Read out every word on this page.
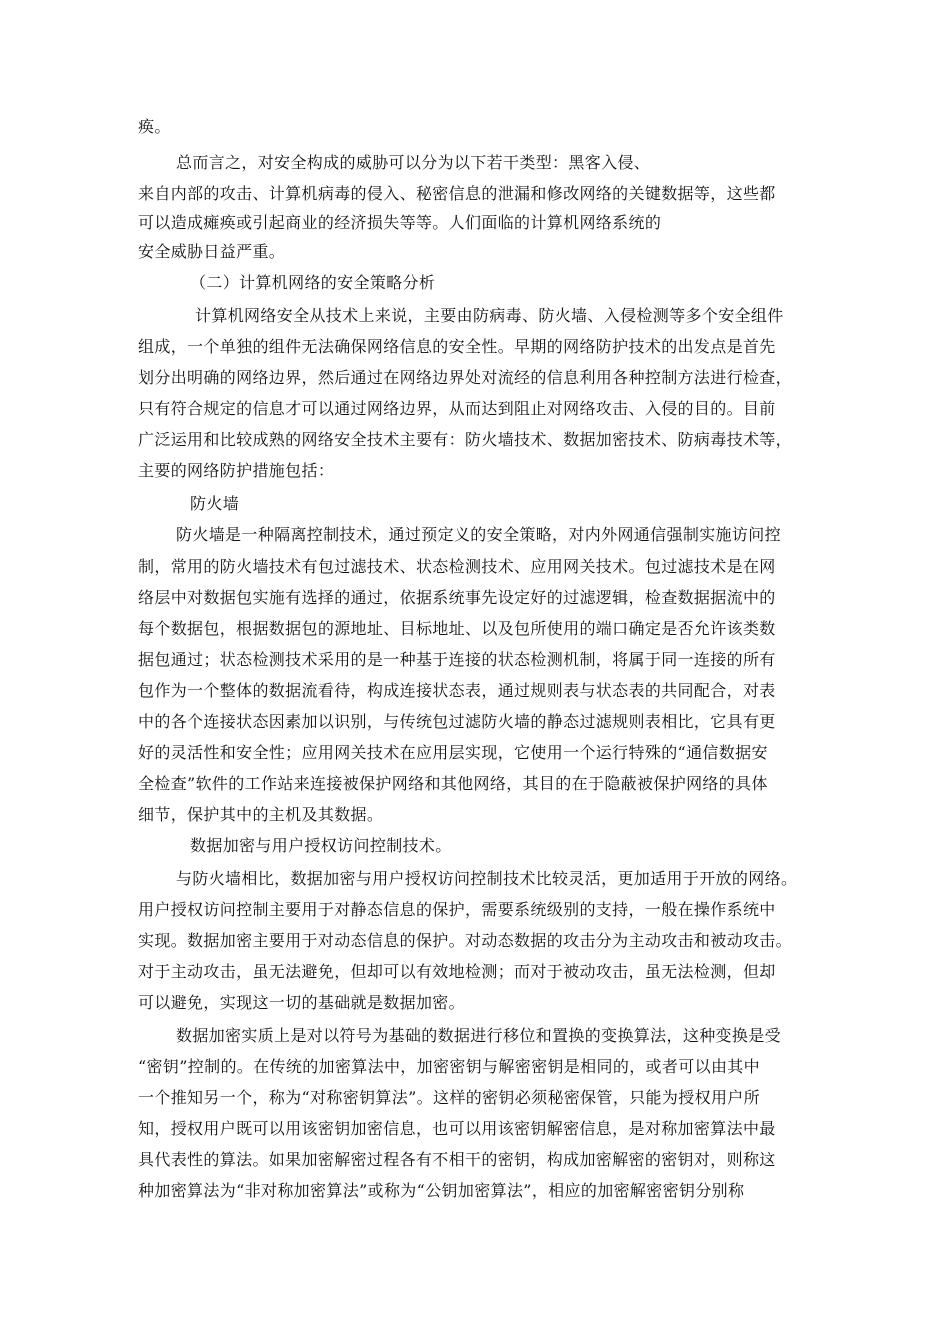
痪。
总而言之，对安全构成的威胁可以分为以下若干类型：黑客入侵、
来自内部的攻击、计算机病毒的侵入、秘密信息的泄漏和修改网络的关键数据等，这些都
可以造成瘫痪或引起商业的经济损失等等。人们面临的计算机网络系统的
安全威胁日益严重。
（二）计算机网络的安全策略分析
计算机网络安全从技术上来说，主要由防病毒、防火墙、入侵检测等多个安全组件
组成，一个单独的组件无法确保网络信息的安全性。早期的网络防护技术的出发点是首先
划分出明确的网络边界，然后通过在网络边界处对流经的信息利用各种控制方法进行检查，
只有符合规定的信息才可以通过网络边界，从而达到阻止对网络攻击、入侵的目的。目前
广泛运用和比较成熟的网络安全技术主要有：防火墙技术、数据加密技术、防病毒技术等，
主要的网络防护措施包括：
防火墙
防火墙是一种隔离控制技术，通过预定义的安全策略，对内外网通信强制实施访问控
制，常用的防火墙技术有包过滤技术、状态检测技术、应用网关技术。包过滤技术是在网
络层中对数据包实施有选择的通过，依据系统事先设定好的过滤逻辑，检查数据据流中的
每个数据包，根据数据包的源地址、目标地址、以及包所使用的端口确定是否允许该类数
据包通过；状态检测技术采用的是一种基于连接的状态检测机制，将属于同一连接的所有
包作为一个整体的数据流看待，构成连接状态表，通过规则表与状态表的共同配合，对表
中的各个连接状态因素加以识别，与传统包过滤防火墙的静态过滤规则表相比，它具有更
好的灵活性和安全性；应用网关技术在应用层实现，它使用一个运行特殊的“通信数据安
全检查”软件的工作站来连接被保护网络和其他网络，其目的在于隐蔽被保护网络的具体
细节，保护其中的主机及其数据。
数据加密与用户授权访问控制技术。
与防火墙相比，数据加密与用户授权访问控制技术比较灵活，更加适用于开放的网络。
用户授权访问控制主要用于对静态信息的保护，需要系统级别的支持，一般在操作系统中
实现。数据加密主要用于对动态信息的保护。对动态数据的攻击分为主动攻击和被动攻击。
对于主动攻击，虽无法避免，但却可以有效地检测；而对于被动攻击，虽无法检测，但却
可以避免，实现这一切的基础就是数据加密。
数据加密实质上是对以符号为基础的数据进行移位和置换的变换算法，这种变换是受
“密钥”控制的。在传统的加密算法中，加密密钥与解密密钥是相同的，或者可以由其中
一个推知另一个，称为“对称密钥算法”。这样的密钥必须秘密保管，只能为授权用户所
知，授权用户既可以用该密钥加密信息，也可以用该密钥解密信息，是对称加密算法中最
具代表性的算法。如果加密解密过程各有不相干的密钥，构成加密解密的密钥对，则称这
种加密算法为“非对称加密算法”或称为“公钥加密算法”，相应的加密解密密钥分别称
